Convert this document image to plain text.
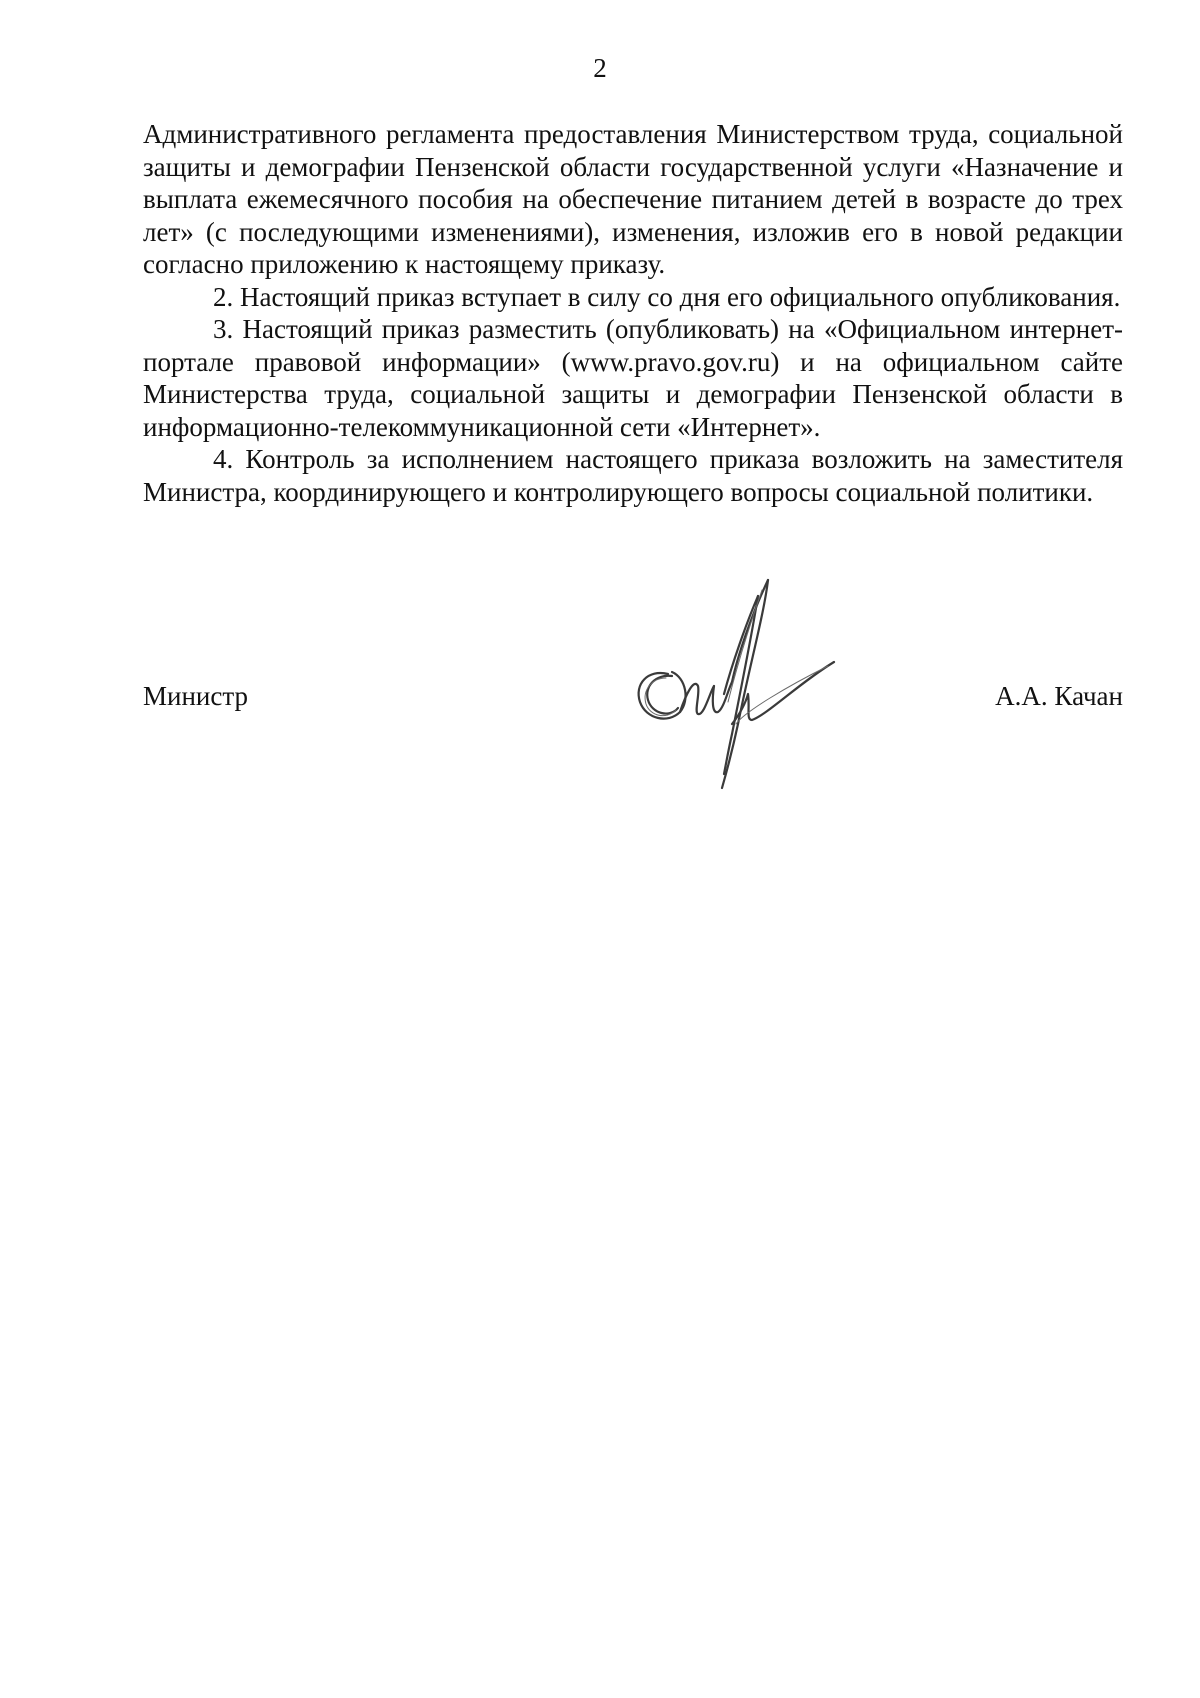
2

Административного регламента предоставления Министерством труда, социальной защиты и демографии Пензенской области государственной услуги «Назначение и выплата ежемесячного пособия на обеспечение питанием детей в возрасте до трех лет» (с последующими изменениями), изменения, изложив его в новой редакции согласно приложению к настоящему приказу.

2. Настоящий приказ вступает в силу со дня его официального опубликования.

3. Настоящий приказ разместить (опубликовать) на «Официальном интернет-портале правовой информации» (www.pravo.gov.ru) и на официальном сайте Министерства труда, социальной защиты и демографии Пензенской области в информационно-телекоммуникационной сети «Интернет».

4. Контроль за исполнением настоящего приказа возложить на заместителя Министра, координирующего и контролирующего вопросы социальной политики.

Министр	А.А. Качан
